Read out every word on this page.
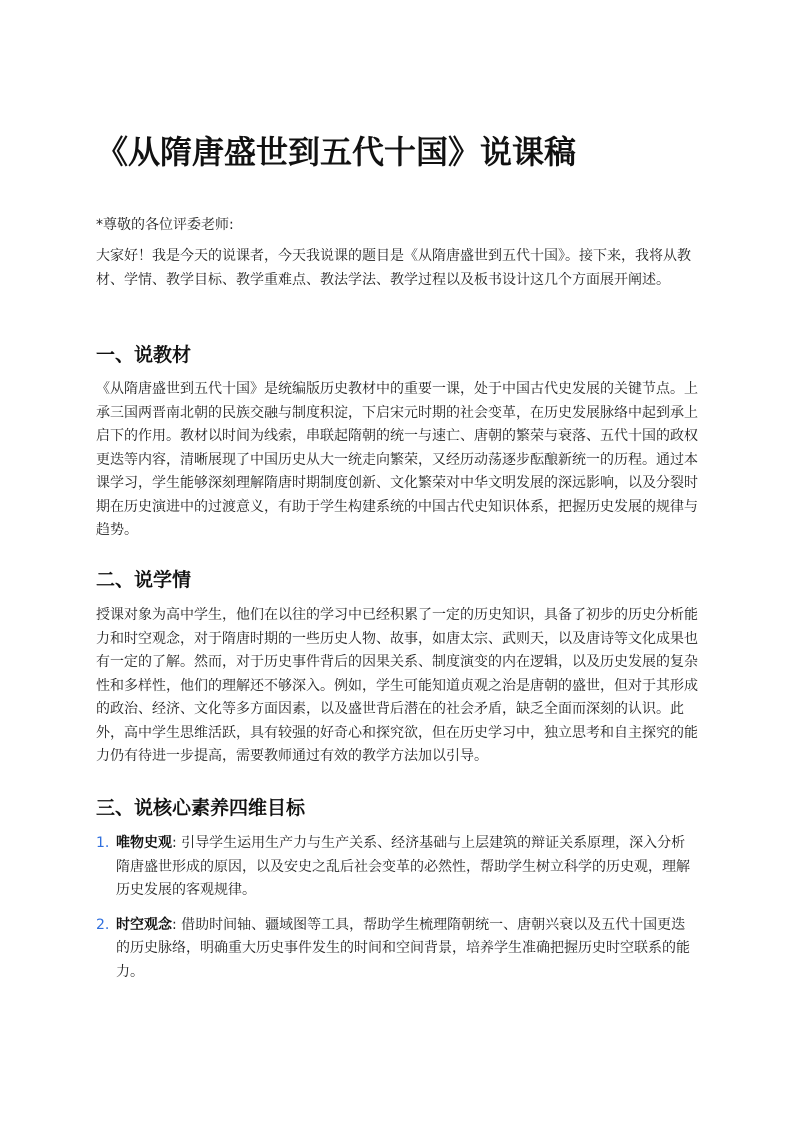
《从隋唐盛世到五代十国》说课稿

*尊敬的各位评委老师:

大家好！我是今天的说课者，今天我说课的题目是《从隋唐盛世到五代十国》。接下来，我将从教材、学情、教学目标、教学重难点、教法学法、教学过程以及板书设计这几个方面展开阐述。

一、说教材

《从隋唐盛世到五代十国》是统编版历史教材中的重要一课，处于中国古代史发展的关键节点。上承三国两晋南北朝的民族交融与制度积淀，下启宋元时期的社会变革，在历史发展脉络中起到承上启下的作用。教材以时间为线索，串联起隋朝的统一与速亡、唐朝的繁荣与衰落、五代十国的政权更迭等内容，清晰展现了中国历史从大一统走向繁荣，又经历动荡逐步酝酿新统一的历程。通过本课学习，学生能够深刻理解隋唐时期制度创新、文化繁荣对中华文明发展的深远影响，以及分裂时期在历史演进中的过渡意义，有助于学生构建系统的中国古代史知识体系，把握历史发展的规律与趋势。

二、说学情

授课对象为高中学生，他们在以往的学习中已经积累了一定的历史知识，具备了初步的历史分析能力和时空观念，对于隋唐时期的一些历史人物、故事，如唐太宗、武则天，以及唐诗等文化成果也有一定的了解。然而，对于历史事件背后的因果关系、制度演变的内在逻辑，以及历史发展的复杂性和多样性，他们的理解还不够深入。例如，学生可能知道贞观之治是唐朝的盛世，但对于其形成的政治、经济、文化等多方面因素，以及盛世背后潜在的社会矛盾，缺乏全面而深刻的认识。此外，高中学生思维活跃，具有较强的好奇心和探究欲，但在历史学习中，独立思考和自主探究的能力仍有待进一步提高，需要教师通过有效的教学方法加以引导。

三、说核心素养四维目标
1. 唯物史观: 引导学生运用生产力与生产关系、经济基础与上层建筑的辩证关系原理，深入分析隋唐盛世形成的原因，以及安史之乱后社会变革的必然性，帮助学生树立科学的历史观，理解历史发展的客观规律。
2. 时空观念: 借助时间轴、疆域图等工具，帮助学生梳理隋朝统一、唐朝兴衰以及五代十国更迭的历史脉络，明确重大历史事件发生的时间和空间背景，培养学生准确把握历史时空联系的能力。
